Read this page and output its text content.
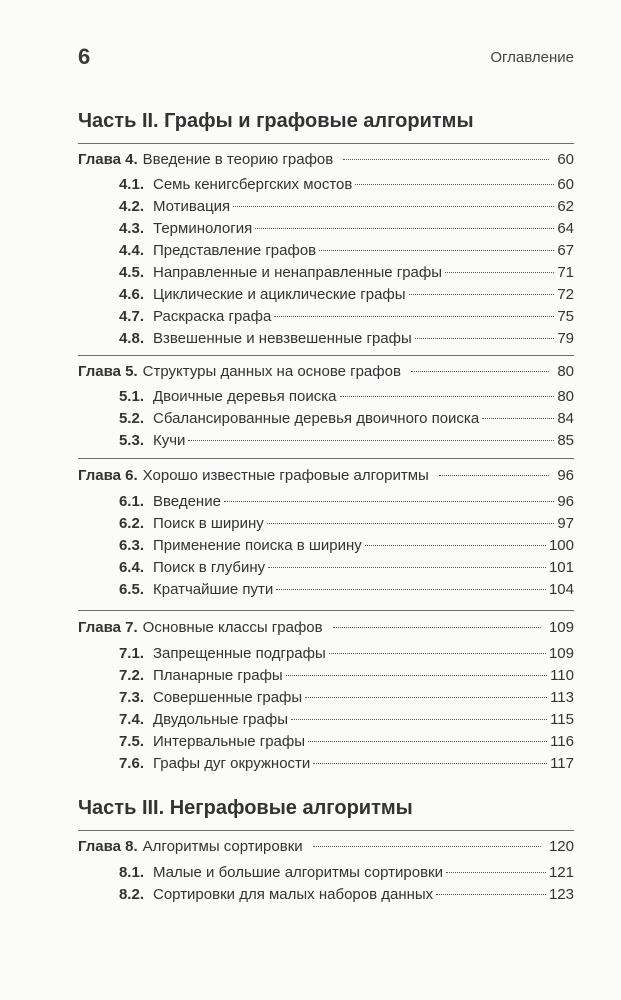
6	Оглавление
Часть II. Графы и графовые алгоритмы
Глава 4. Введение в теорию графов	60
4.1. Семь кенигсбергских мостов	60
4.2. Мотивация	62
4.3. Терминология	64
4.4. Представление графов	67
4.5. Направленные и ненаправленные графы	71
4.6. Циклические и ациклические графы	72
4.7. Раскраска графа	75
4.8. Взвешенные и невзвешенные графы	79
Глава 5. Структуры данных на основе графов	80
5.1. Двоичные деревья поиска	80
5.2. Сбалансированные деревья двоичного поиска	84
5.3. Кучи	85
Глава 6. Хорошо известные графовые алгоритмы	96
6.1. Введение	96
6.2. Поиск в ширину	97
6.3. Применение поиска в ширину	100
6.4. Поиск в глубину	101
6.5. Кратчайшие пути	104
Глава 7. Основные классы графов	109
7.1. Запрещенные подграфы	109
7.2. Планарные графы	110
7.3. Совершенные графы	113
7.4. Двудольные графы	115
7.5. Интервальные графы	116
7.6. Графы дуг окружности	117
Часть III. Неграфовые алгоритмы
Глава 8. Алгоритмы сортировки	120
8.1. Малые и большие алгоритмы сортировки	121
8.2. Сортировки для малых наборов данных	123
